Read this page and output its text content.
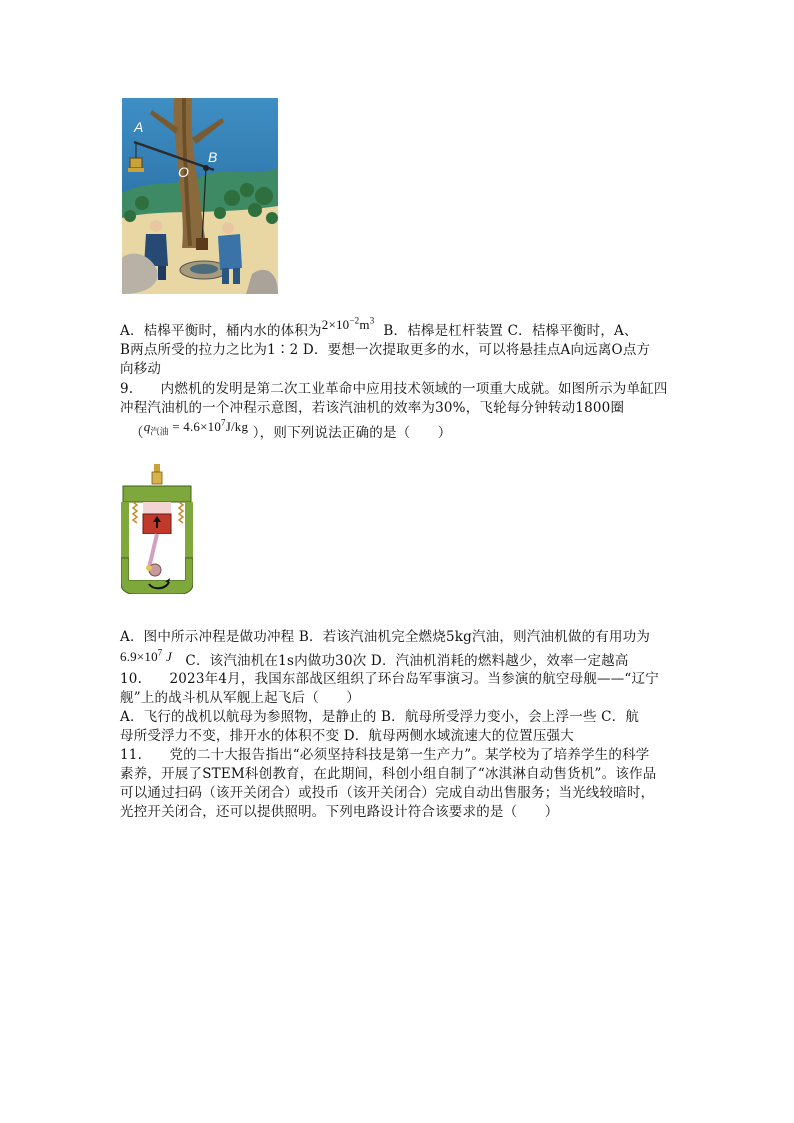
A
O
B
A．桔槔平衡时，桶内水的体积为$2\times 10^{-2}m^3$  B．桔槔是杠杆装置 C．桔槔平衡时，A、
B两点所受的拉力之比为1∶2 D．要想一次提取更多的水，可以将悬挂点A向远离O点方
向移动
9.　　内燃机的发明是第二次工业革命中应用技术领域的一项重大成就。如图所示为单缸四
冲程汽油机的一个冲程示意图，若该汽油机的效率为30%，飞轮每分钟转动1800圈
（$q_{汽油} = 4.6\times 10^7J/kg$ ），则下列说法正确的是（　　）
A．图中所示冲程是做功冲程 B．若该汽油机完全燃烧5kg汽油，则汽油机做的有用功为
$6.9\times 10^7$ J C．该汽油机在1s内做功30次 D．汽油机消耗的燃料越少，效率一定越高
10.　　2023年4月，我国东部战区组织了环台岛军事演习。当参演的航空母舰——“辽宁
舰”上的战斗机从军舰上起飞后（　　）
A．飞行的战机以航母为参照物，是静止的 B．航母所受浮力变小，会上浮一些 C．航
母所受浮力不变，排开水的体积不变 D．航母两侧水域流速大的位置压强大
11.　　党的二十大报告指出“必须坚持科技是第一生产力”。某学校为了培养学生的科学
素养，开展了STEM科创教育，在此期间，科创小组自制了“冰淇淋自动售货机”。该作品
可以通过扫码（该开关闭合）或投币（该开关闭合）完成自动出售服务；当光线较暗时，
光控开关闭合，还可以提供照明。下列电路设计符合该要求的是（　　）
